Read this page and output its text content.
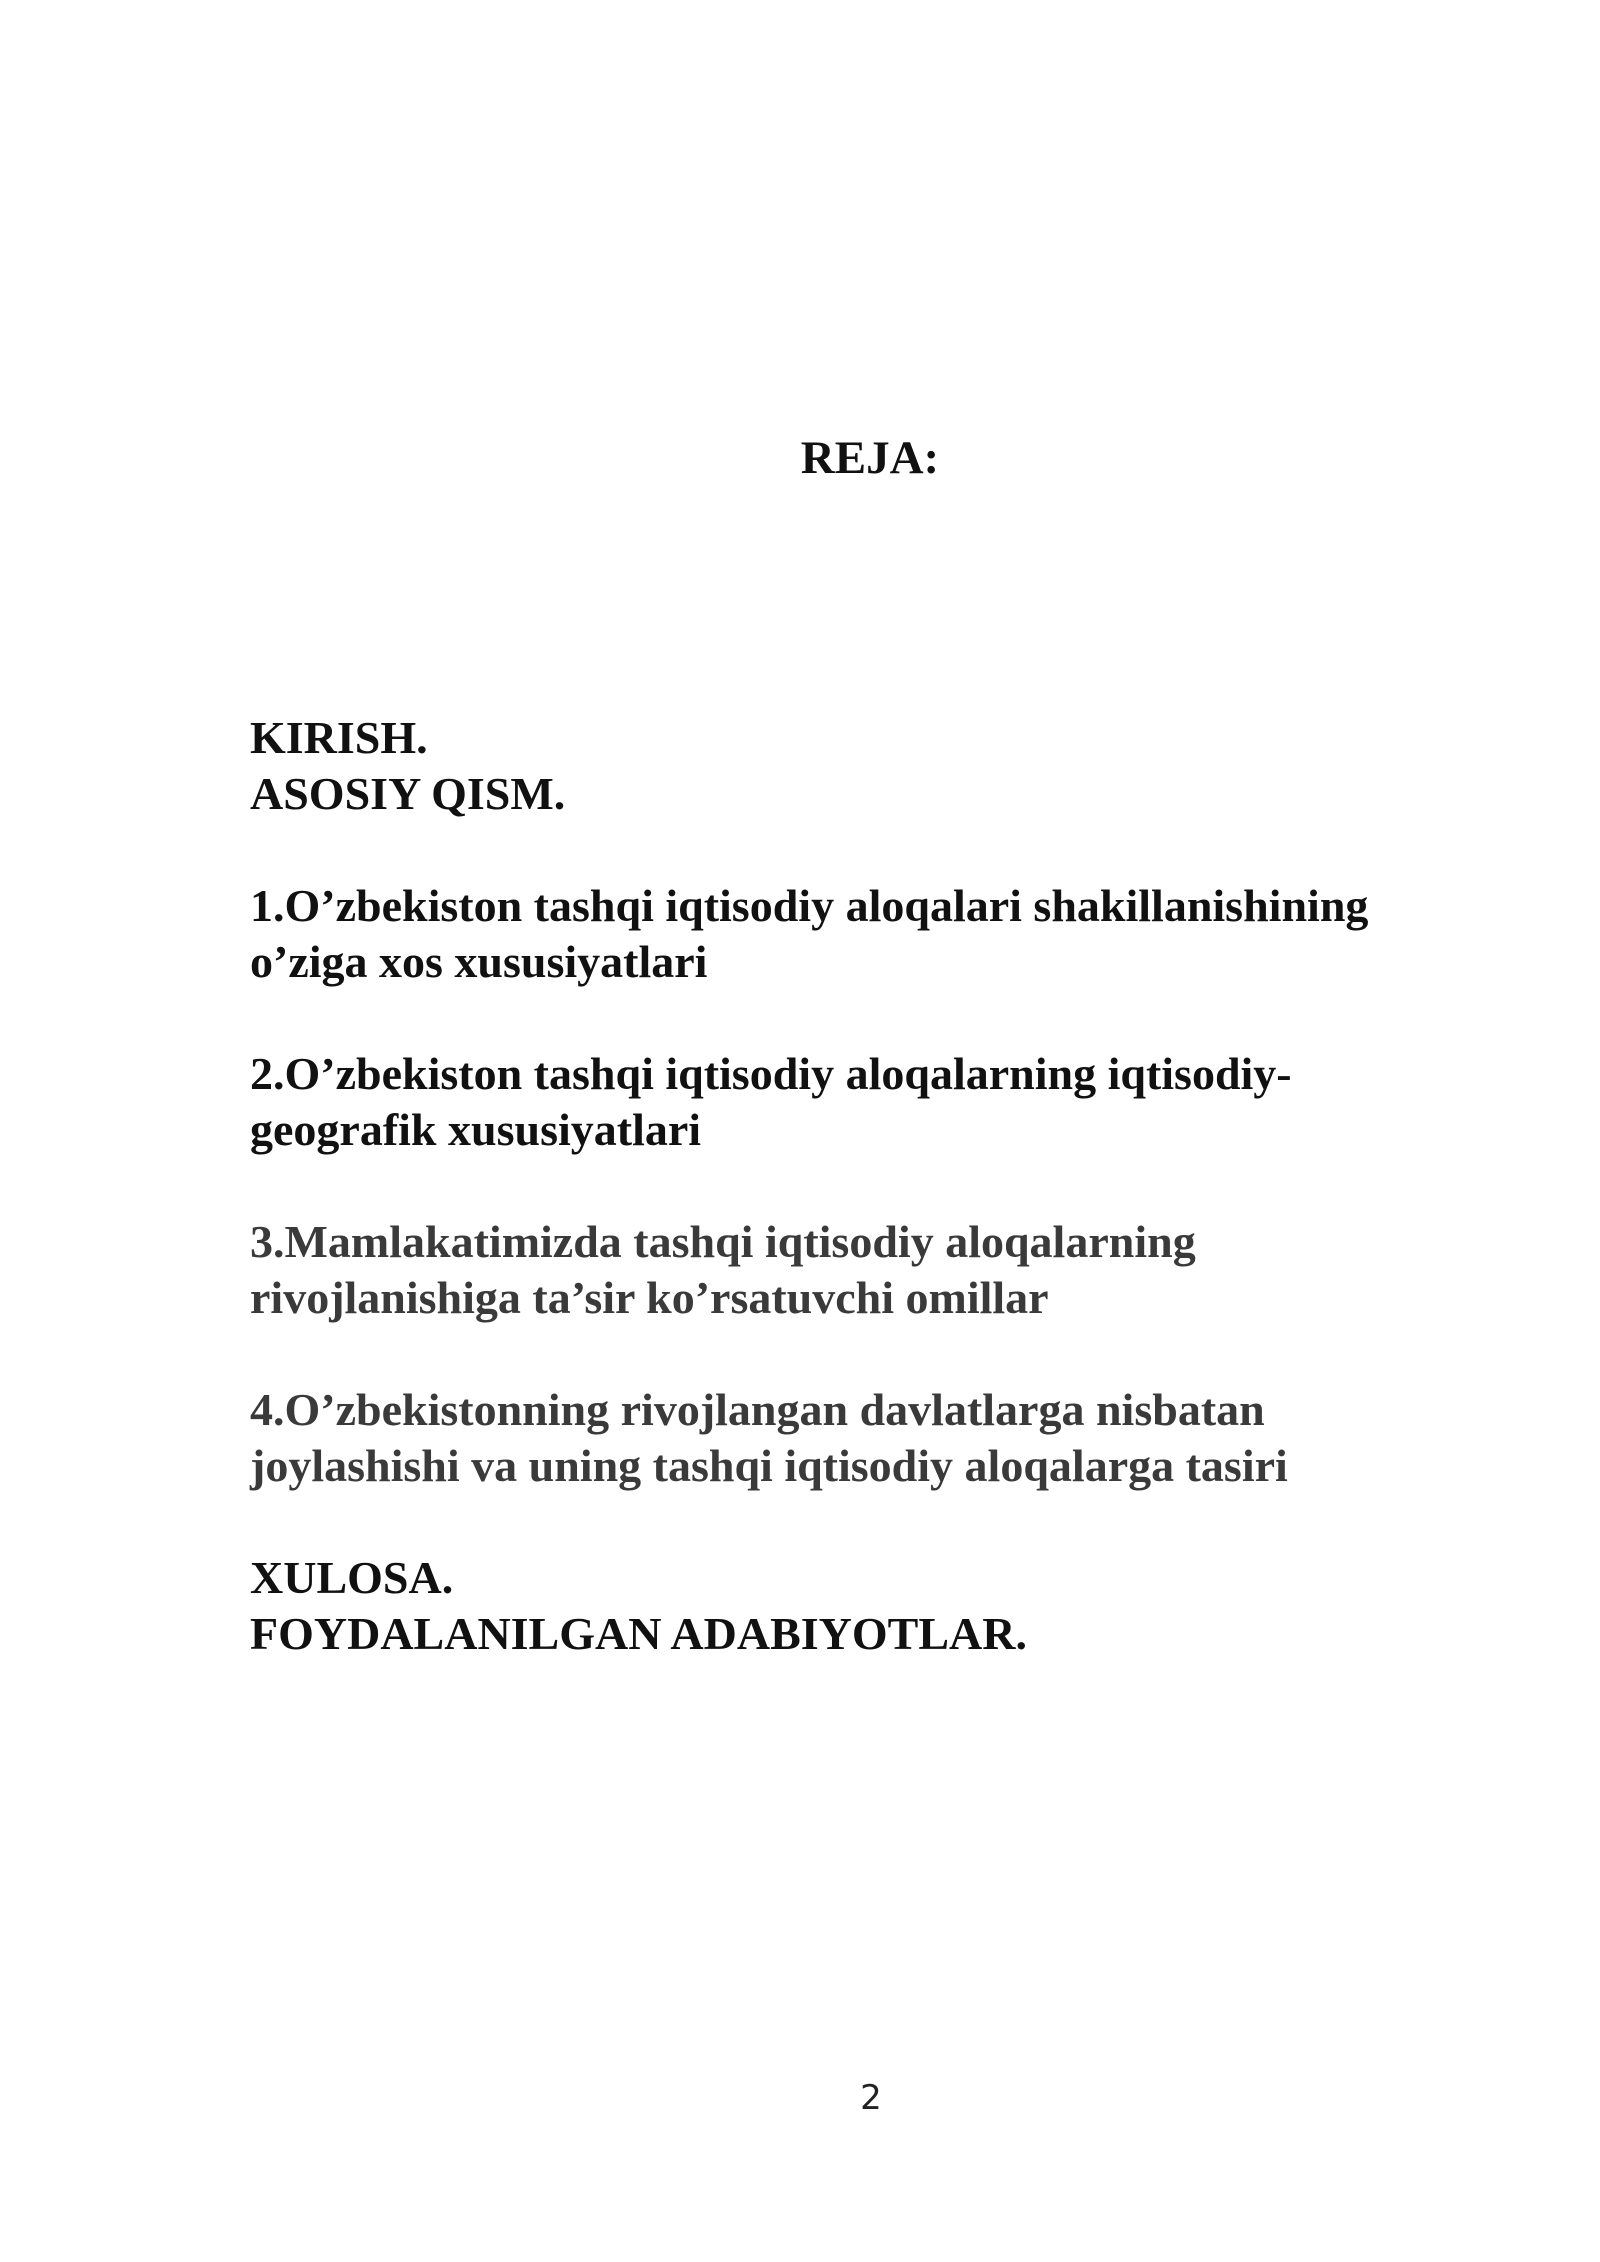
REJA:
KIRISH.
ASOSIY QISM.
1.O’zbekiston tashqi iqtisodiy aloqalari shakillanishining
o’ziga xos xususiyatlari
2.O’zbekiston tashqi iqtisodiy aloqalarning iqtisodiy-
geografik xususiyatlari
3.Mamlakatimizda tashqi iqtisodiy aloqalarning
rivojlanishiga ta’sir ko’rsatuvchi omillar
4.O’zbekistonning rivojlangan davlatlarga nisbatan
joylashishi va uning tashqi iqtisodiy aloqalarga tasiri
XULOSA.
FOYDALANILGAN ADABIYOTLAR.
2
